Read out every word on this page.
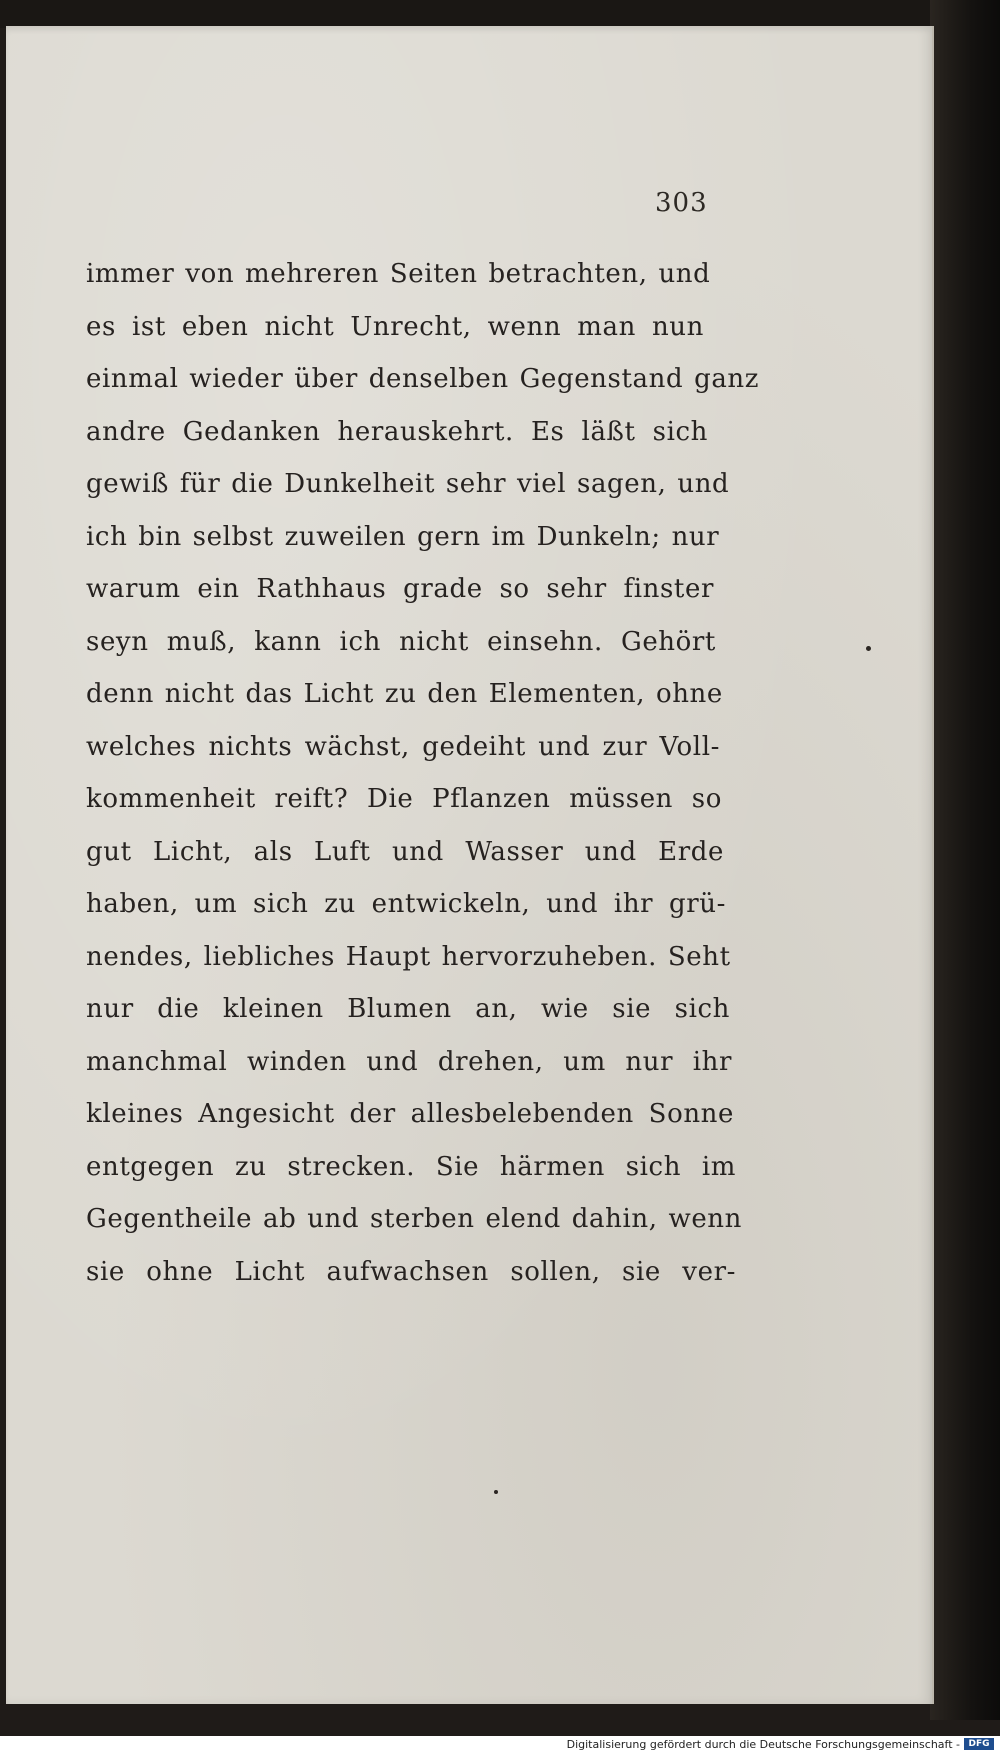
303
immer von mehreren Seiten betrachten, und
es ist eben nicht Unrecht, wenn man nun
einmal wieder über denselben Gegenstand ganz
andre Gedanken herauskehrt. Es läßt sich
gewiß für die Dunkelheit sehr viel sagen, und
ich bin selbst zuweilen gern im Dunkeln; nur
warum ein Rathhaus grade so sehr finster
seyn muß, kann ich nicht einsehn. Gehört
denn nicht das Licht zu den Elementen, ohne
welches nichts wächst, gedeiht und zur Voll-
kommenheit reift? Die Pflanzen müssen so
gut Licht, als Luft und Wasser und Erde
haben, um sich zu entwickeln, und ihr grü-
nendes, liebliches Haupt hervorzuheben. Seht
nur die kleinen Blumen an, wie sie sich
manchmal winden und drehen, um nur ihr
kleines Angesicht der allesbelebenden Sonne
entgegen zu strecken. Sie härmen sich im
Gegentheile ab und sterben elend dahin, wenn
sie ohne Licht aufwachsen sollen, sie ver-
Digitalisierung gefördert durch die Deutsche Forschungsgemeinschaft - DFG
